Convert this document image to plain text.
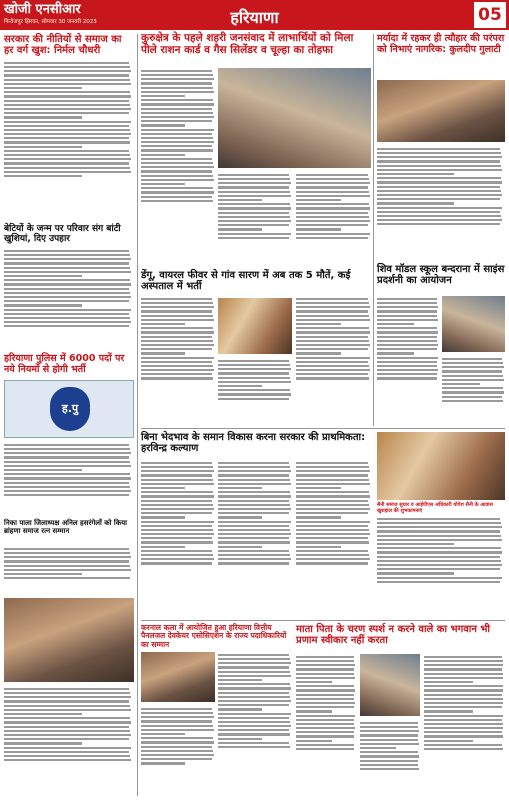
खोजी एनसीआर
फिरोजपुर झिरका, सोमवार 30 जनवरी 2023	हरियाणा	05
सरकार की नीतियों से समाज का हर वर्ग खुश: निर्मल चौधरी
बेटियों के जन्म पर परिवार संग बांटी खुशियां, दिए उपहार
हरियाणा पुलिस में 6000 पदों पर नये नियमों से होगी भर्ती
ह.पु
निका पाला जिलाध्यक्ष अनिल हसरंगेलों को किया ब्रांहणा समाज रत्न सम्मान
कुरुक्षेत्र के पहले शहरी जनसंवाद में लाभार्थियों को मिला पीले राशन कार्ड व गैस सिलेंडर व चूल्हा का तोहफा
डेंगू, वायरल फीवर से गांव सारण में अब तक 5 मौतें, कई अस्पताल में भर्ती
मर्यादा में रहकर ही त्यौहार की परंपरा को निभाएं नागरिक: कुलदीप गुलाटी
शिव मॉडल स्कूल बन्दराना में साइंस प्रदर्शनी का आयोजन
बिना भेदभाव के समान विकास करना सरकार की प्राथमिकता: हरविन्द्र कल्याण
सैनी समाज सुधार व आईपीएस अधिकारी योगेश सैनी के आवास खुशहाल की शुभकामनाएं
करनाल कला में आयोजित हुआ हरियाणा वित्तीय पैनलजल देवकेयर एसोसिएशन के राज्य पदाधिकारियों का सम्मान
माता पिता के चरण स्पर्श न करने वाले का भगवान भी प्रणाम स्वीकार नहीं करता
